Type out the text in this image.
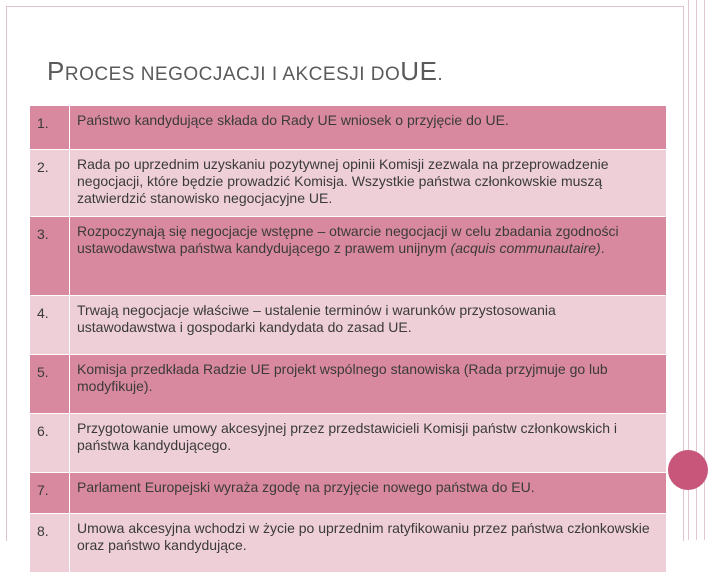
PROCES NEGOCJACJI I AKCESJI DOUE.
1.	Państwo kandydujące składa do Rady UE wniosek o przyjęcie do UE.
2.	Rada po uprzednim uzyskaniu pozytywnej opinii Komisji zezwala na przeprowadzenie negocjacji, które będzie prowadzić Komisja. Wszystkie państwa członkowskie muszą zatwierdzić stanowisko negocjacyjne UE.
3.	Rozpoczynają się negocjacje wstępne – otwarcie negocjacji w celu zbadania zgodności ustawodawstwa państwa kandydującego z prawem unijnym (acquis communautaire).
4.	Trwają negocjacje właściwe – ustalenie terminów i warunków przystosowania ustawodawstwa i gospodarki kandydata do zasad UE.
5.	Komisja przedkłada Radzie UE projekt wspólnego stanowiska (Rada przyjmuje go lub modyfikuje).
6.	Przygotowanie umowy akcesyjnej przez przedstawicieli Komisji państw członkowskich i państwa kandydującego.
7.	Parlament Europejski wyraża zgodę na przyjęcie nowego państwa do EU.
8.	Umowa akcesyjna wchodzi w życie po uprzednim ratyfikowaniu przez państwa członkowskie oraz państwo kandydujące.
